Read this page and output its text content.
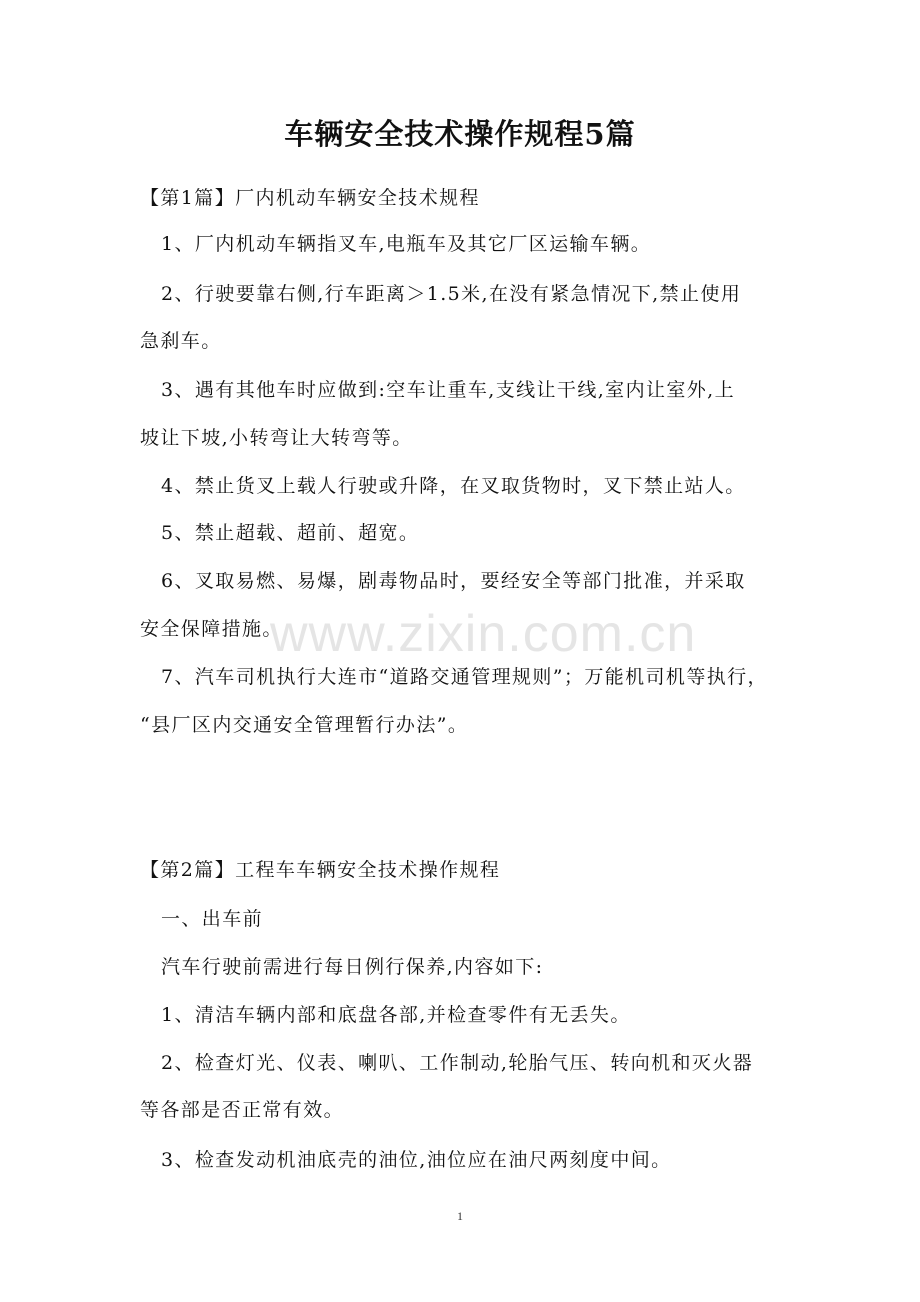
车辆安全技术操作规程5篇

【第1篇】厂内机动车辆安全技术规程

1、厂内机动车辆指叉车,电瓶车及其它厂区运输车辆。

2、行驶要靠右侧,行车距离＞1.5米,在没有紧急情况下,禁止使用

急刹车。

3、遇有其他车时应做到:空车让重车,支线让干线,室内让室外,上

坡让下坡,小转弯让大转弯等。

4、禁止货叉上载人行驶或升降，在叉取货物时，叉下禁止站人。

5、禁止超载、超前、超宽。

6、叉取易燃、易爆，剧毒物品时，要经安全等部门批准，并采取

安全保障措施。

7、汽车司机执行大连市“道路交通管理规则”；万能机司机等执行，

“县厂区内交通安全管理暂行办法”。

【第2篇】工程车车辆安全技术操作规程

一、出车前

汽车行驶前需进行每日例行保养,内容如下:

1、清洁车辆内部和底盘各部,并检查零件有无丢失。

2、检查灯光、仪表、喇叭、工作制动,轮胎气压、转向机和灭火器

等各部是否正常有效。

3、检查发动机油底壳的油位,油位应在油尺两刻度中间。

www.zixin.com.cn
1
